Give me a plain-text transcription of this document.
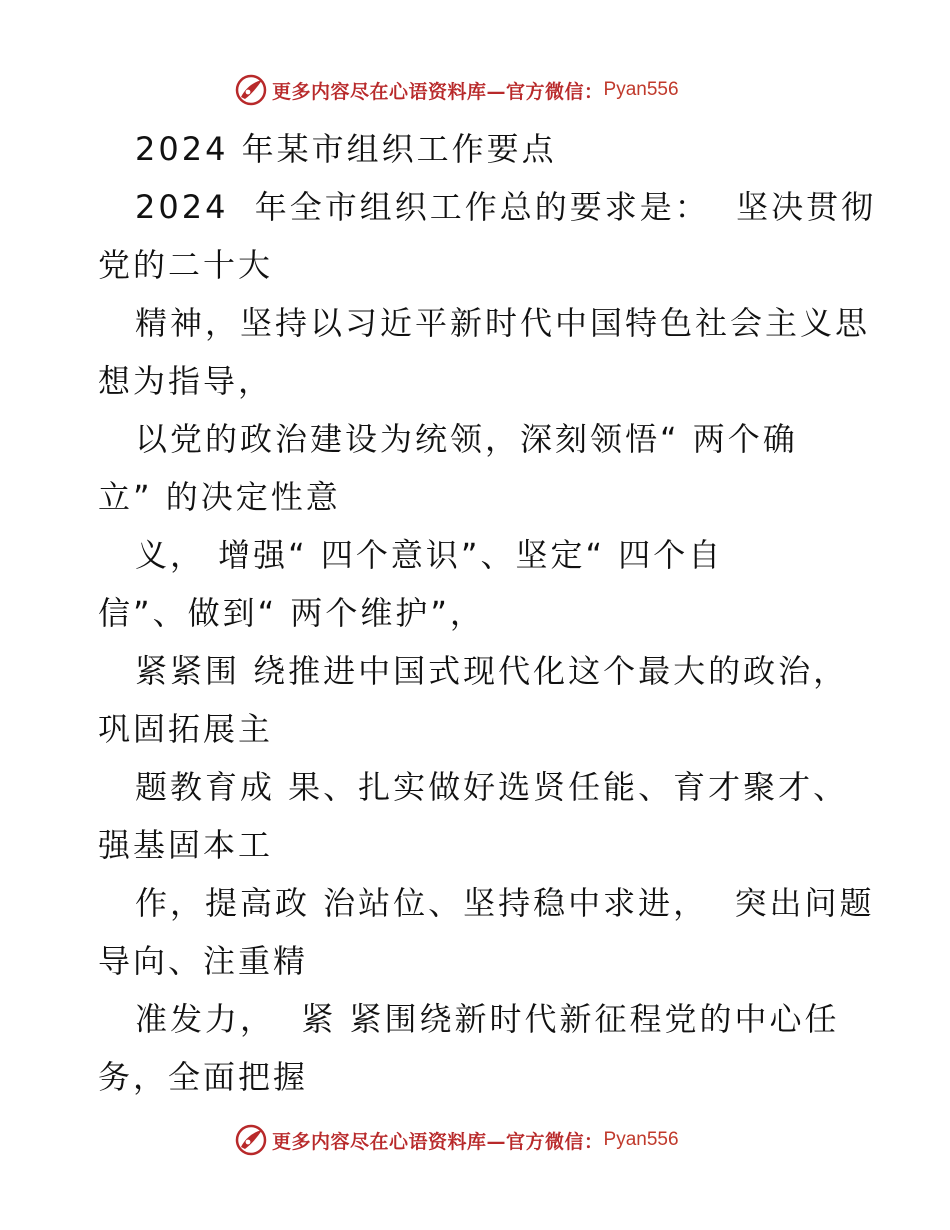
更多内容尽在心语资料库—官方微信： Pyan556
2024 年某市组织工作要点
2024  年全市组织工作总的要求是：  坚决贯彻
党的二十大
精神，坚持以习近平新时代中国特色社会主义思
想为指导，
以党的政治建设为统领，深刻领悟“ 两个确
立” 的决定性意
义， 增强“ 四个意识”、坚定“ 四个自
信”、做到“ 两个维护”，
紧紧围 绕推进中国式现代化这个最大的政治，
巩固拓展主
题教育成 果、扎实做好选贤任能、育才聚才、
强基固本工
作，提高政 治站位、坚持稳中求进，  突出问题
导向、注重精
准发力，  紧 紧围绕新时代新征程党的中心任
务，全面把握
更多内容尽在心语资料库—官方微信： Pyan556
